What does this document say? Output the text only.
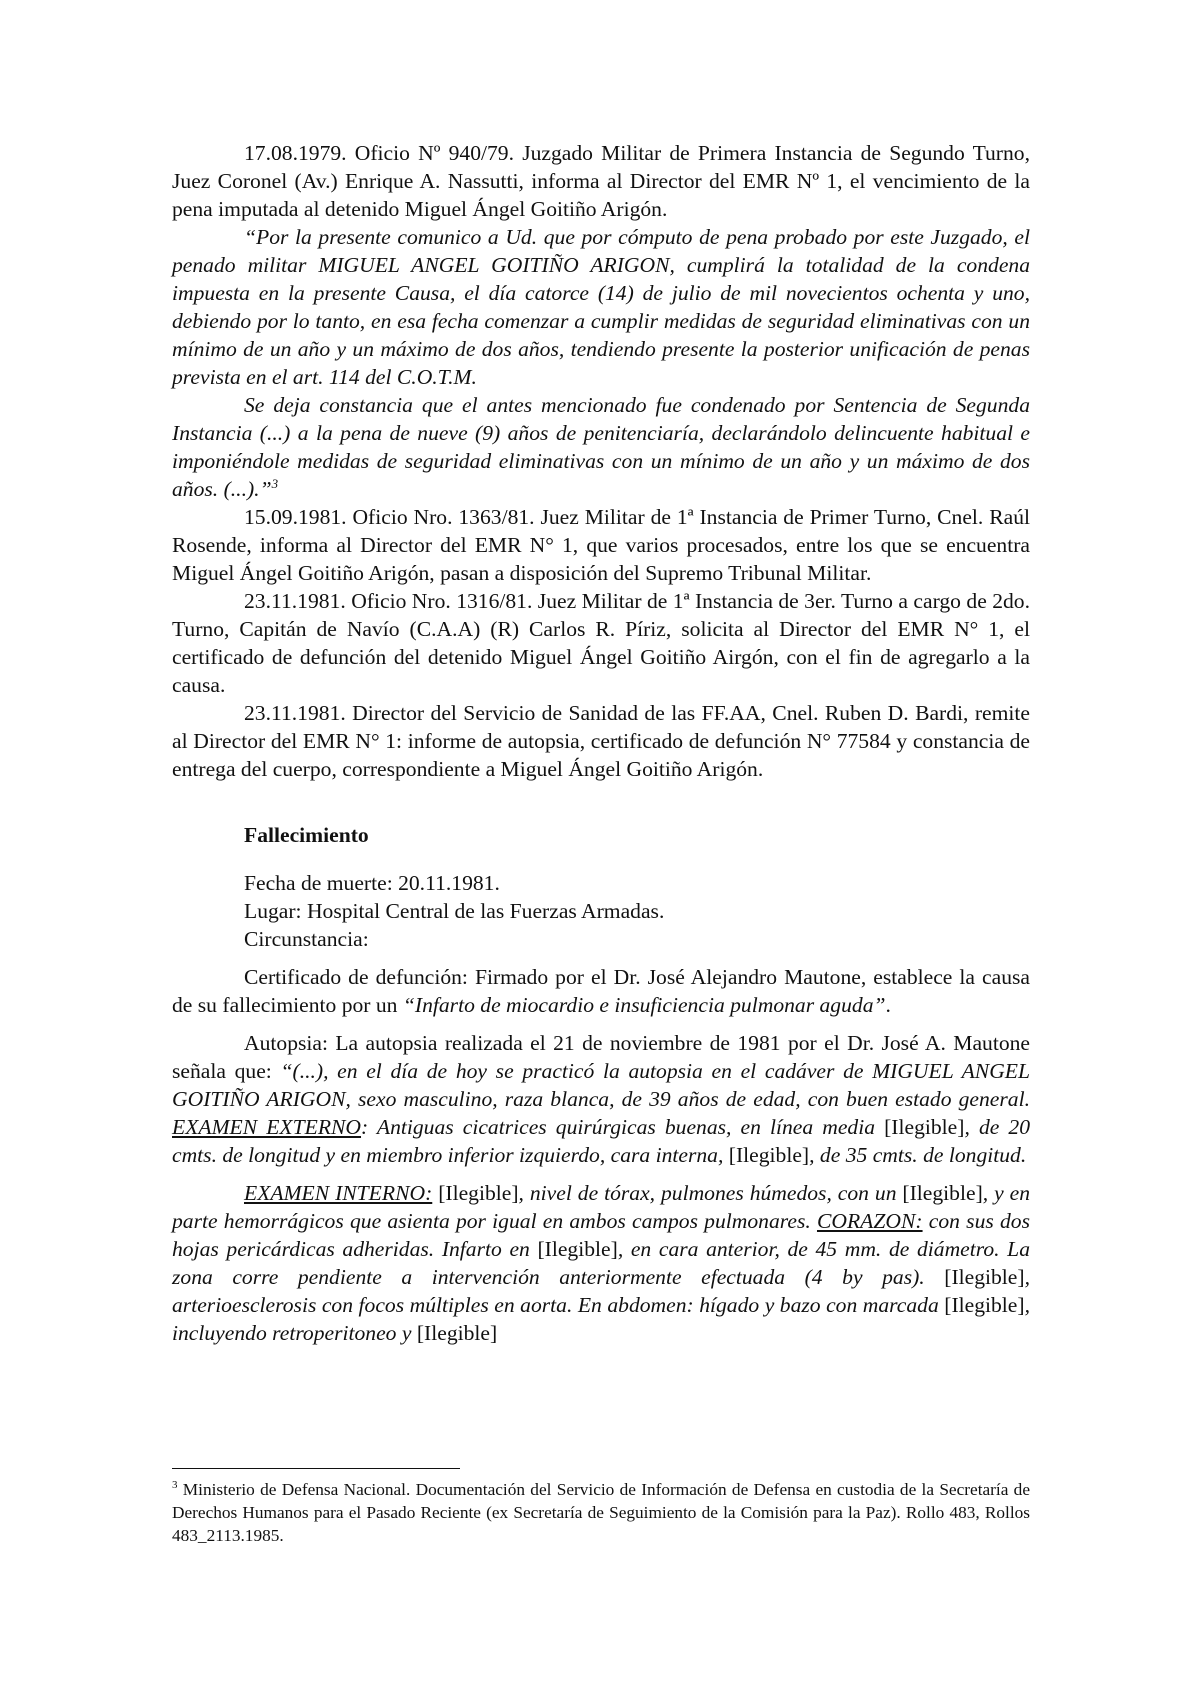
17.08.1979. Oficio Nº 940/79. Juzgado Militar de Primera Instancia de Segundo Turno, Juez Coronel (Av.) Enrique A. Nassutti, informa al Director del EMR Nº 1, el vencimiento de la pena imputada al detenido Miguel Ángel Goitiño Arigón.

“Por la presente comunico a Ud. que por cómputo de pena probado por este Juzgado, el penado militar MIGUEL ANGEL GOITIÑO ARIGON, cumplirá la totalidad de la condena impuesta en la presente Causa, el día catorce (14) de julio de mil novecientos ochenta y uno, debiendo por lo tanto, en esa fecha comenzar a cumplir medidas de seguridad eliminativas con un mínimo de un año y un máximo de dos años, tendiendo presente la posterior unificación de penas prevista en el art. 114 del C.O.T.M.

Se deja constancia que el antes mencionado fue condenado por Sentencia de Segunda Instancia (...) a la pena de nueve (9) años de penitenciaría, declarándolo delincuente habitual e imponiéndole medidas de seguridad eliminativas con un mínimo de un año y un máximo de dos años. (...).”$^3$

15.09.1981. Oficio Nro. 1363/81. Juez Militar de 1ª Instancia de Primer Turno, Cnel. Raúl Rosende, informa al Director del EMR N° 1, que varios procesados, entre los que se encuentra Miguel Ángel Goitiño Arigón, pasan a disposición del Supremo Tribunal Militar.

23.11.1981. Oficio Nro. 1316/81. Juez Militar de 1ª Instancia de 3er. Turno a cargo de 2do. Turno, Capitán de Navío (C.A.A) (R) Carlos R. Píriz, solicita al Director del EMR N° 1, el certificado de defunción del detenido Miguel Ángel Goitiño Airgón, con el fin de agregarlo a la causa.

23.11.1981. Director del Servicio de Sanidad de las FF.AA, Cnel. Ruben D. Bardi, remite al Director del EMR N° 1: informe de autopsia, certificado de defunción N° 77584 y constancia de entrega del cuerpo, correspondiente a Miguel Ángel Goitiño Arigón.

Fallecimiento

Fecha de muerte: 20.11.1981.

Lugar: Hospital Central de las Fuerzas Armadas.

Circunstancia:

Certificado de defunción: Firmado por el Dr. José Alejandro Mautone, establece la causa de su fallecimiento por un “Infarto de miocardio e insuficiencia pulmonar aguda”.

Autopsia: La autopsia realizada el 21 de noviembre de 1981 por el Dr. José A. Mautone señala que: “(...), en el día de hoy se practicó la autopsia en el cadáver de MIGUEL ANGEL GOITIÑO ARIGON, sexo masculino, raza blanca, de 39 años de edad, con buen estado general. EXAMEN EXTERNO: Antiguas cicatrices quirúrgicas buenas, en línea media [Ilegible], de 20 cmts. de longitud y en miembro inferior izquierdo, cara interna, [Ilegible], de 35 cmts. de longitud.

EXAMEN INTERNO: [Ilegible], nivel de tórax, pulmones húmedos, con un [Ilegible], y en parte hemorrágicos que asienta por igual en ambos campos pulmonares. CORAZON: con sus dos hojas pericárdicas adheridas. Infarto en [Ilegible], en cara anterior, de 45 mm. de diámetro. La zona corre pendiente a intervención anteriormente efectuada (4 by pas). [Ilegible], arterioesclerosis con focos múltiples en aorta. En abdomen: hígado y bazo con marcada [Ilegible], incluyendo retroperitoneo y [Ilegible]

$^3$ Ministerio de Defensa Nacional. Documentación del Servicio de Información de Defensa en custodia de la Secretaría de Derechos Humanos para el Pasado Reciente (ex Secretaría de Seguimiento de la Comisión para la Paz). Rollo 483, Rollos 483_2113.1985.
